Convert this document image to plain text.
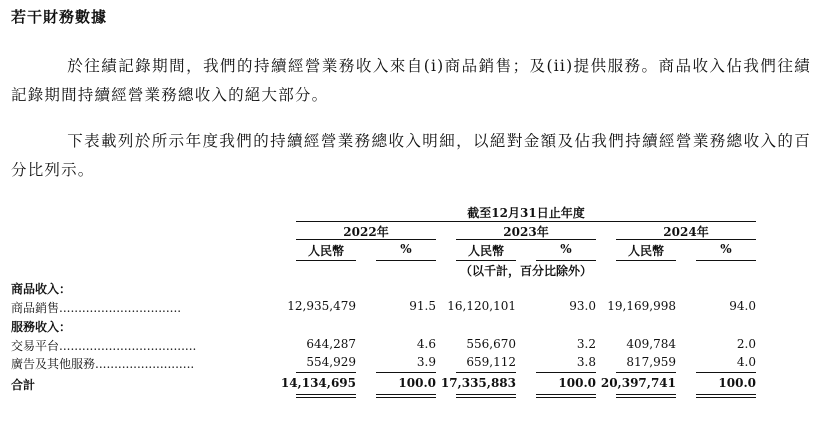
若干財務數據
於往績記錄期間，我們的持續經營業務收入來自(i)商品銷售；及(ii)提供服務。商品收入佔我們往績記錄期間持續經營業務總收入的絕大部分。
下表載列於所示年度我們的持續經營業務總收入明細，以絕對金額及佔我們持續經營業務總收入的百分比列示。
截至12月31日止年度
2022年	2023年	2024年
人民幣	%	人民幣	%	人民幣	%
（以千計，百分比除外）
商品收入：
商品銷售................................	12,935,479	91.5 16,120,101	93.0 19,169,998	94.0
服務收入：
交易平台....................................	644,287	4.6	556,670	3.2	409,784	2.0
廣告及其他服務..........................	554,929	3.9	659,112	3.8	817,959	4.0
合計	14,134,695	100.0 17,335,883	100.0 20,397,741	100.0
